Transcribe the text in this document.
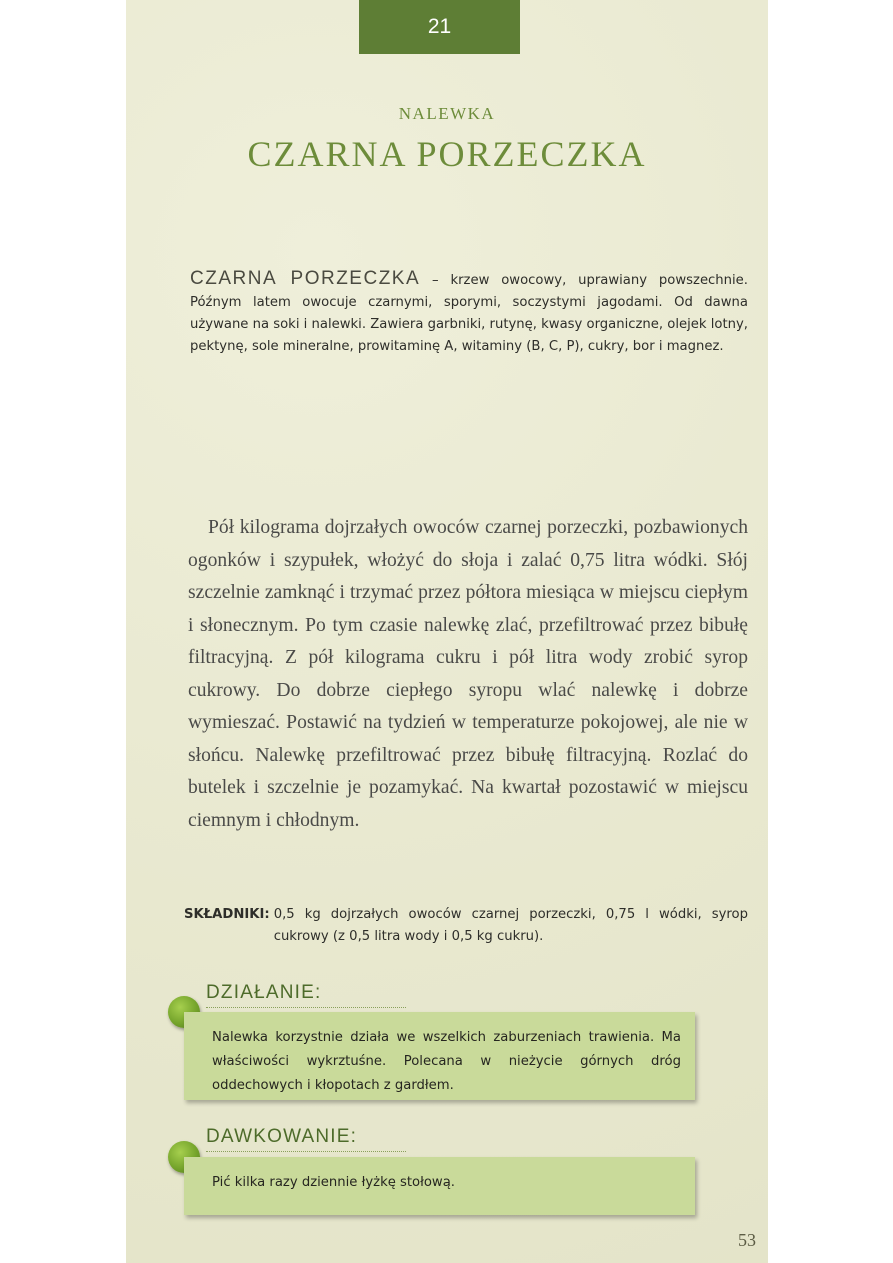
21
NALEWKA
CZARNA PORZECZKA
CZARNA PORZECZKA – krzew owocowy, uprawiany powszechnie. Późnym latem owocuje czarnymi, sporymi, soczystymi jagodami. Od dawna używane na soki i nalewki. Zawiera garbniki, rutynę, kwasy organiczne, olejek lotny, pektynę, sole mineralne, prowitaminę A, witaminy (B, C, P), cukry, bor i magnez.
Pół kilograma dojrzałych owoców czarnej porzeczki, pozbawionych ogonków i szypułek, włożyć do słoja i zalać 0,75 litra wódki. Słój szczelnie zamknąć i trzymać przez półtora miesiąca w miejscu ciepłym i słonecznym. Po tym czasie nalewkę zlać, przefiltrować przez bibułę filtracyjną. Z pół kilograma cukru i pół litra wody zrobić syrop cukrowy. Do dobrze ciepłego syropu wlać nalewkę i dobrze wymieszać. Postawić na tydzień w temperaturze pokojowej, ale nie w słońcu. Nalewkę przefiltrować przez bibułę filtracyjną. Rozlać do butelek i szczelnie je pozamykać. Na kwartał pozostawić w miejscu ciemnym i chłodnym.
SKŁADNIKI: 0,5 kg dojrzałych owoców czarnej porzeczki, 0,75 l wódki, syrop cukrowy (z 0,5 litra wody i 0,5 kg cukru).
DZIAŁANIE:
Nalewka korzystnie działa we wszelkich zaburzeniach trawienia. Ma właściwości wykrztuśne. Polecana w nieżycie górnych dróg oddechowych i kłopotach z gardłem.
DAWKOWANIE:
Pić kilka razy dziennie łyżkę stołową.
53
